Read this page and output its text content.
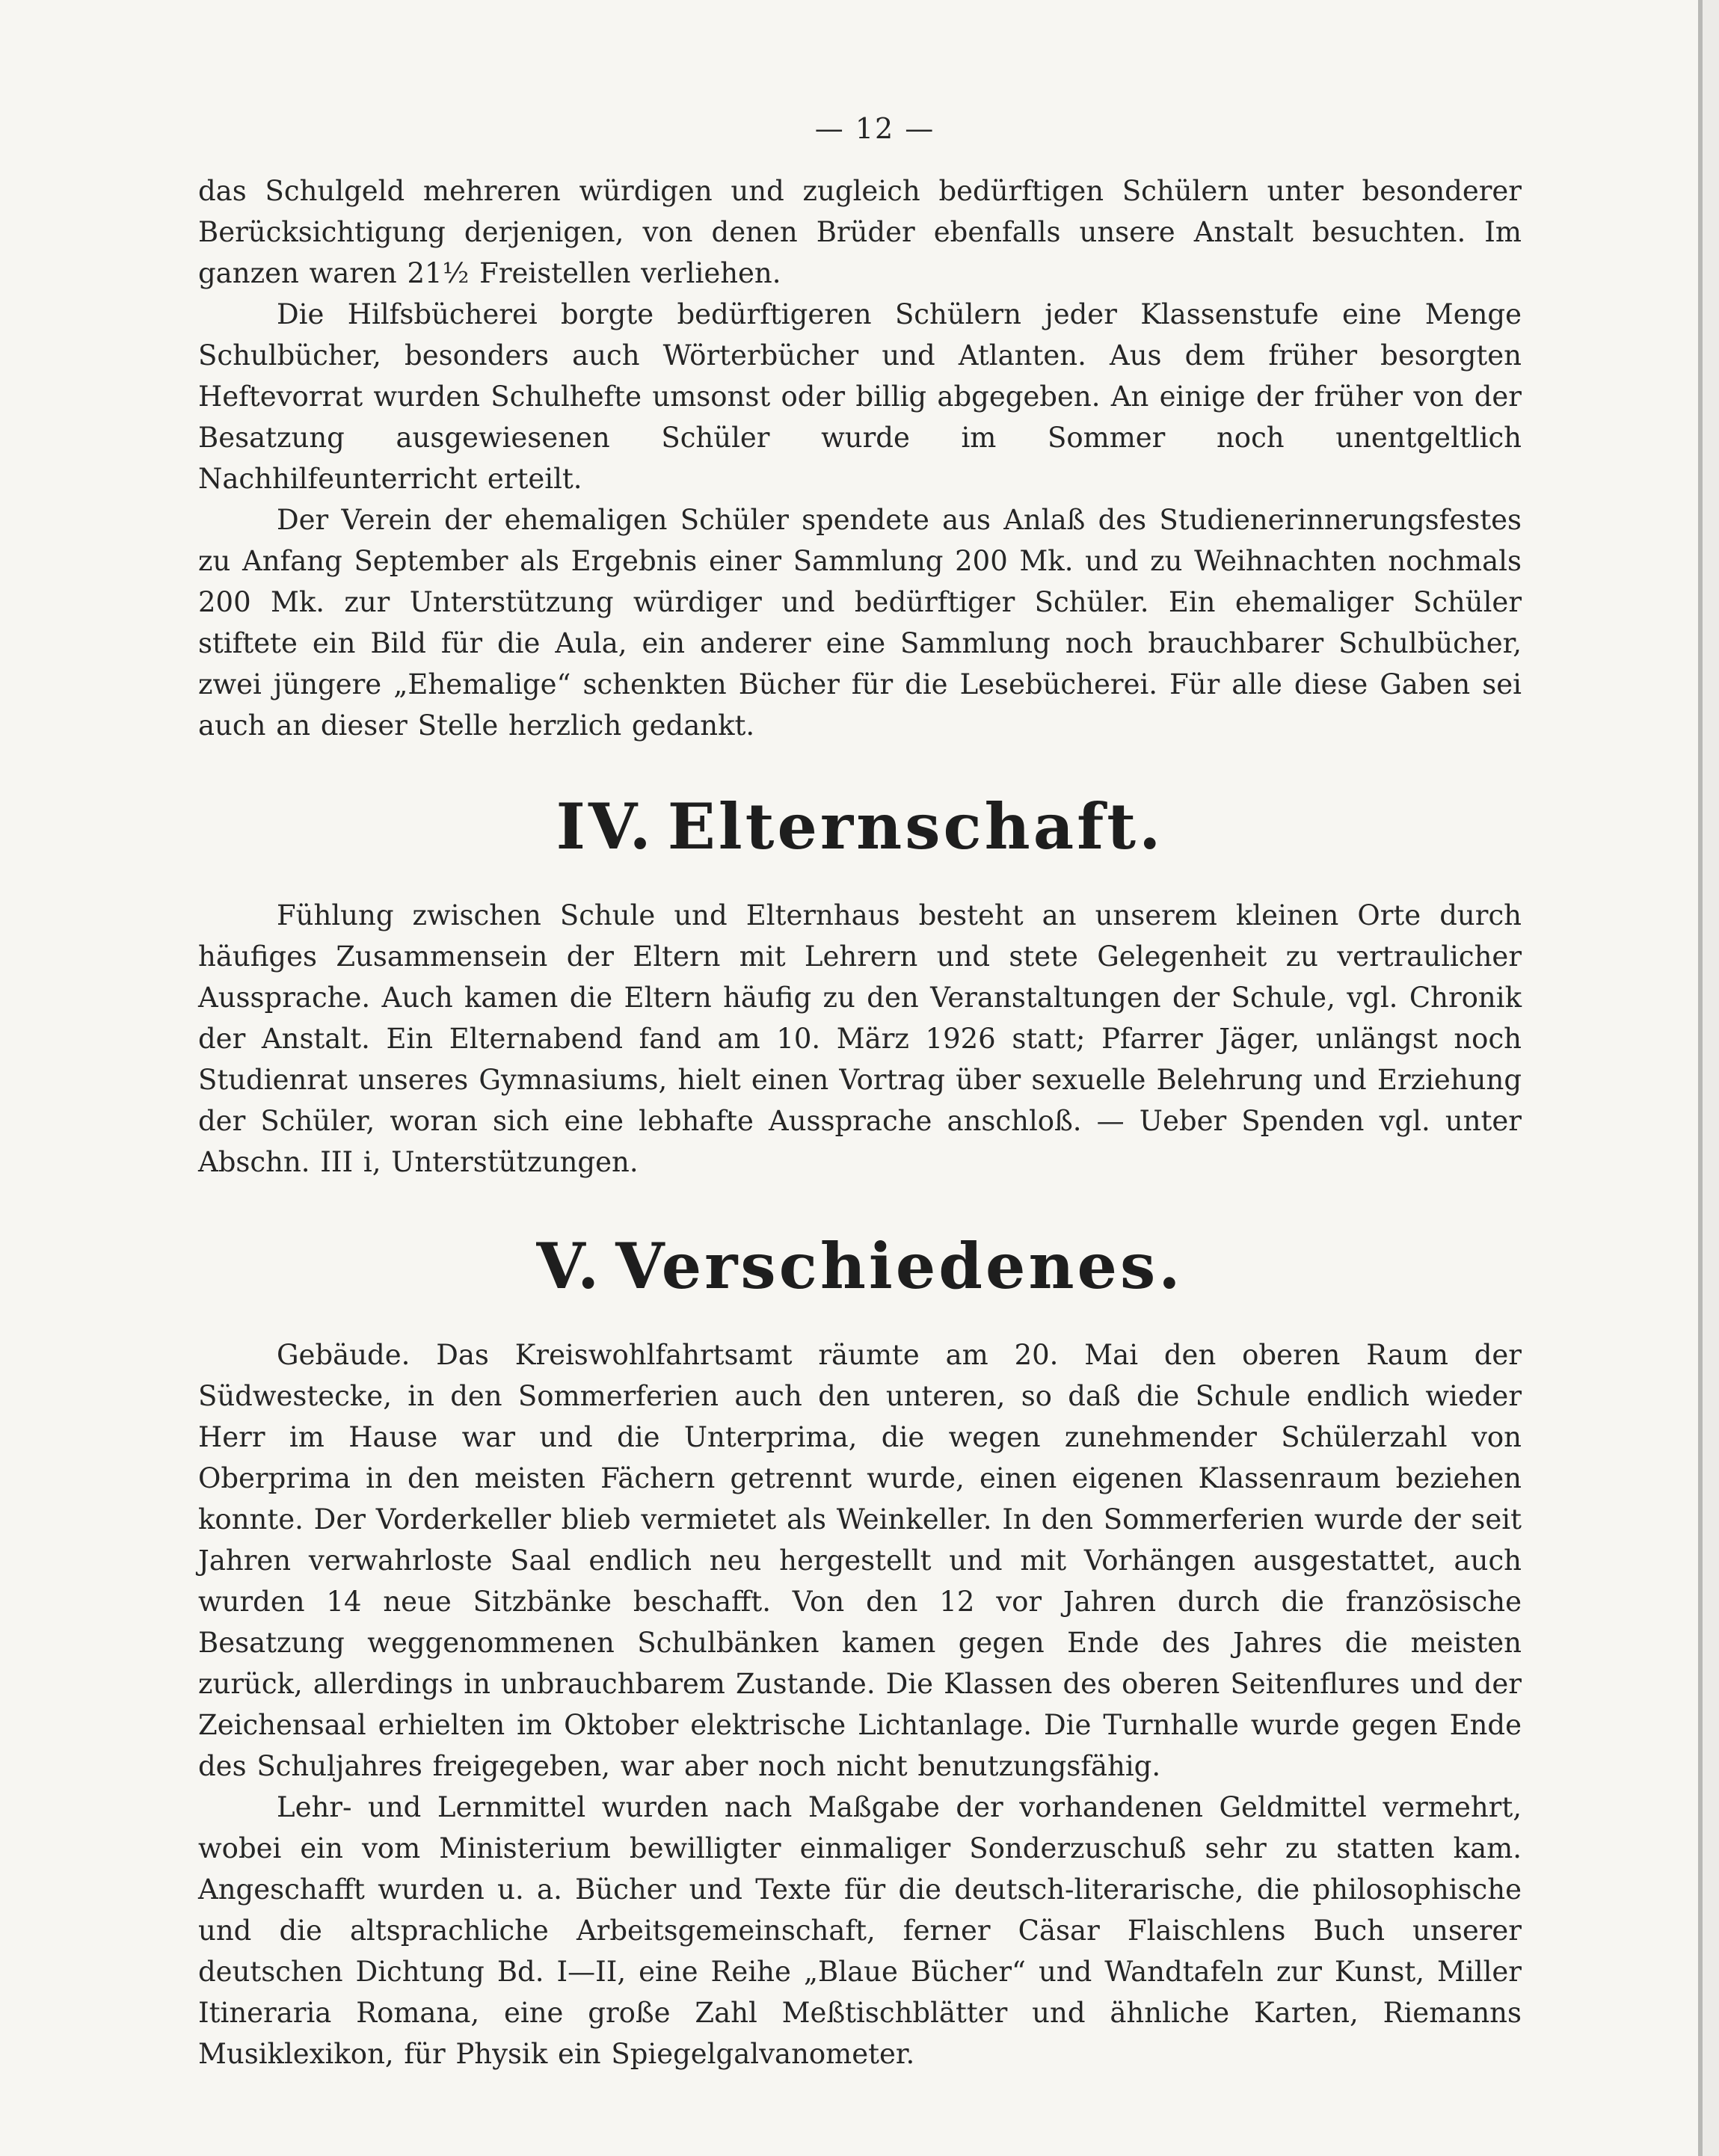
— 12 —

das Schulgeld mehreren würdigen und zugleich bedürftigen Schülern unter besonderer Berücksichtigung derjenigen, von denen Brüder ebenfalls unsere Anstalt besuchten. Im ganzen waren 21½ Freistellen verliehen.

Die Hilfsbücherei borgte bedürftigeren Schülern jeder Klassenstufe eine Menge Schulbücher, besonders auch Wörterbücher und Atlanten. Aus dem früher besorgten Heftevorrat wurden Schulhefte umsonst oder billig abgegeben. An einige der früher von der Besatzung ausgewiesenen Schüler wurde im Sommer noch unentgeltlich Nachhilfeunterricht erteilt.

Der Verein der ehemaligen Schüler spendete aus Anlaß des Studienerinnerungsfestes zu Anfang September als Ergebnis einer Sammlung 200 Mk. und zu Weihnachten nochmals 200 Mk. zur Unterstützung würdiger und bedürftiger Schüler. Ein ehemaliger Schüler stiftete ein Bild für die Aula, ein anderer eine Sammlung noch brauchbarer Schulbücher, zwei jüngere „Ehemalige“ schenkten Bücher für die Lesebücherei. Für alle diese Gaben sei auch an dieser Stelle herzlich gedankt.

IV. Elternschaft.

Fühlung zwischen Schule und Elternhaus besteht an unserem kleinen Orte durch häufiges Zusammensein der Eltern mit Lehrern und stete Gelegenheit zu vertraulicher Aussprache. Auch kamen die Eltern häufig zu den Veranstaltungen der Schule, vgl. Chronik der Anstalt. Ein Elternabend fand am 10. März 1926 statt; Pfarrer Jäger, unlängst noch Studienrat unseres Gymnasiums, hielt einen Vortrag über sexuelle Belehrung und Erziehung der Schüler, woran sich eine lebhafte Aussprache anschloß. — Ueber Spenden vgl. unter Abschn. III i, Unterstützungen.

V. Verschiedenes.

Gebäude. Das Kreiswohlfahrtsamt räumte am 20. Mai den oberen Raum der Südwestecke, in den Sommerferien auch den unteren, so daß die Schule endlich wieder Herr im Hause war und die Unterprima, die wegen zunehmender Schülerzahl von Oberprima in den meisten Fächern getrennt wurde, einen eigenen Klassenraum beziehen konnte. Der Vorderkeller blieb vermietet als Weinkeller. In den Sommerferien wurde der seit Jahren verwahrloste Saal endlich neu hergestellt und mit Vorhängen ausgestattet, auch wurden 14 neue Sitzbänke beschafft. Von den 12 vor Jahren durch die französische Besatzung weggenommenen Schulbänken kamen gegen Ende des Jahres die meisten zurück, allerdings in unbrauchbarem Zustande. Die Klassen des oberen Seitenflures und der Zeichensaal erhielten im Oktober elektrische Lichtanlage. Die Turnhalle wurde gegen Ende des Schuljahres freigegeben, war aber noch nicht benutzungsfähig.

Lehr- und Lernmittel wurden nach Maßgabe der vorhandenen Geldmittel vermehrt, wobei ein vom Ministerium bewilligter einmaliger Sonderzuschuß sehr zu statten kam. Angeschafft wurden u. a. Bücher und Texte für die deutsch-literarische, die philosophische und die altsprachliche Arbeitsgemeinschaft, ferner Cäsar Flaischlens Buch unserer deutschen Dichtung Bd. I—II, eine Reihe „Blaue Bücher“ und Wandtafeln zur Kunst, Miller Itineraria Romana, eine große Zahl Meßtischblätter und ähnliche Karten, Riemanns Musiklexikon, für Physik ein Spiegelgalvanometer.
